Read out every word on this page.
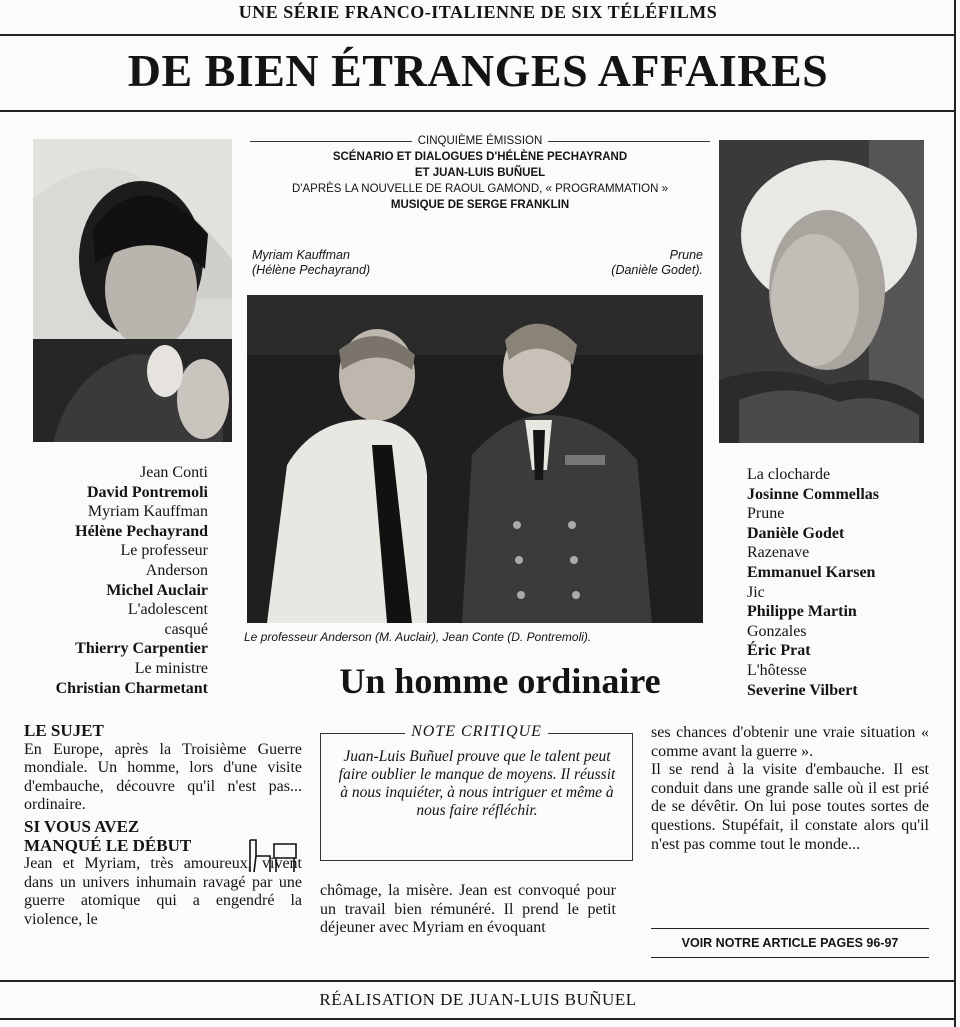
UNE SÉRIE FRANCO-ITALIENNE DE SIX TÉLÉFILMS
DE BIEN ÉTRANGES AFFAIRES
CINQUIÈME ÉMISSION
SCÉNARIO ET DIALOGUES D'HÉLÈNE PECHAYRAND
ET JUAN-LUIS BUÑUEL
D'APRÈS LA NOUVELLE DE RAOUL GAMOND, « PROGRAMMATION »
MUSIQUE DE SERGE FRANKLIN
Myriam Kauffman
(Hélène Pechayrand)
Prune
(Danièle Godet).
Le professeur Anderson (M. Auclair), Jean Conte (D. Pontremoli).
Jean Conti
David Pontremoli
Myriam Kauffman
Hélène Pechayrand
Le professeur
Anderson
Michel Auclair
L'adolescent
casqué
Thierry Carpentier
Le ministre
Christian Charmetant
La clocharde
Josinne Commellas
Prune
Danièle Godet
Razenave
Emmanuel Karsen
Jic
Philippe Martin
Gonzales
Éric Prat
L'hôtesse
Severine Vilbert
Un homme ordinaire
LE SUJET
En Europe, après la Troisième Guerre mondiale. Un homme, lors d'une visite d'embauche, découvre qu'il n'est pas... ordinaire.
SI VOUS AVEZ
MANQUÉ LE DÉBUT
Jean et Myriam, très amoureux, vivent dans un univers inhumain ravagé par une guerre atomique qui a engendré la violence, le
NOTE CRITIQUE
Juan-Luis Buñuel prouve que le talent peut faire oublier le manque de moyens. Il réussit à nous inquiéter, à nous intriguer et même à nous faire réfléchir.
chômage, la misère. Jean est convoqué pour un travail bien rémunéré. Il prend le petit déjeuner avec Myriam en évoquant
ses chances d'obtenir une vraie situation « comme avant la guerre ».
Il se rend à la visite d'embauche. Il est conduit dans une grande salle où il est prié de se dévêtir. On lui pose toutes sortes de questions. Stupéfait, il constate alors qu'il n'est pas comme tout le monde...
VOIR NOTRE ARTICLE PAGES 96-97
RÉALISATION DE JUAN-LUIS BUÑUEL
